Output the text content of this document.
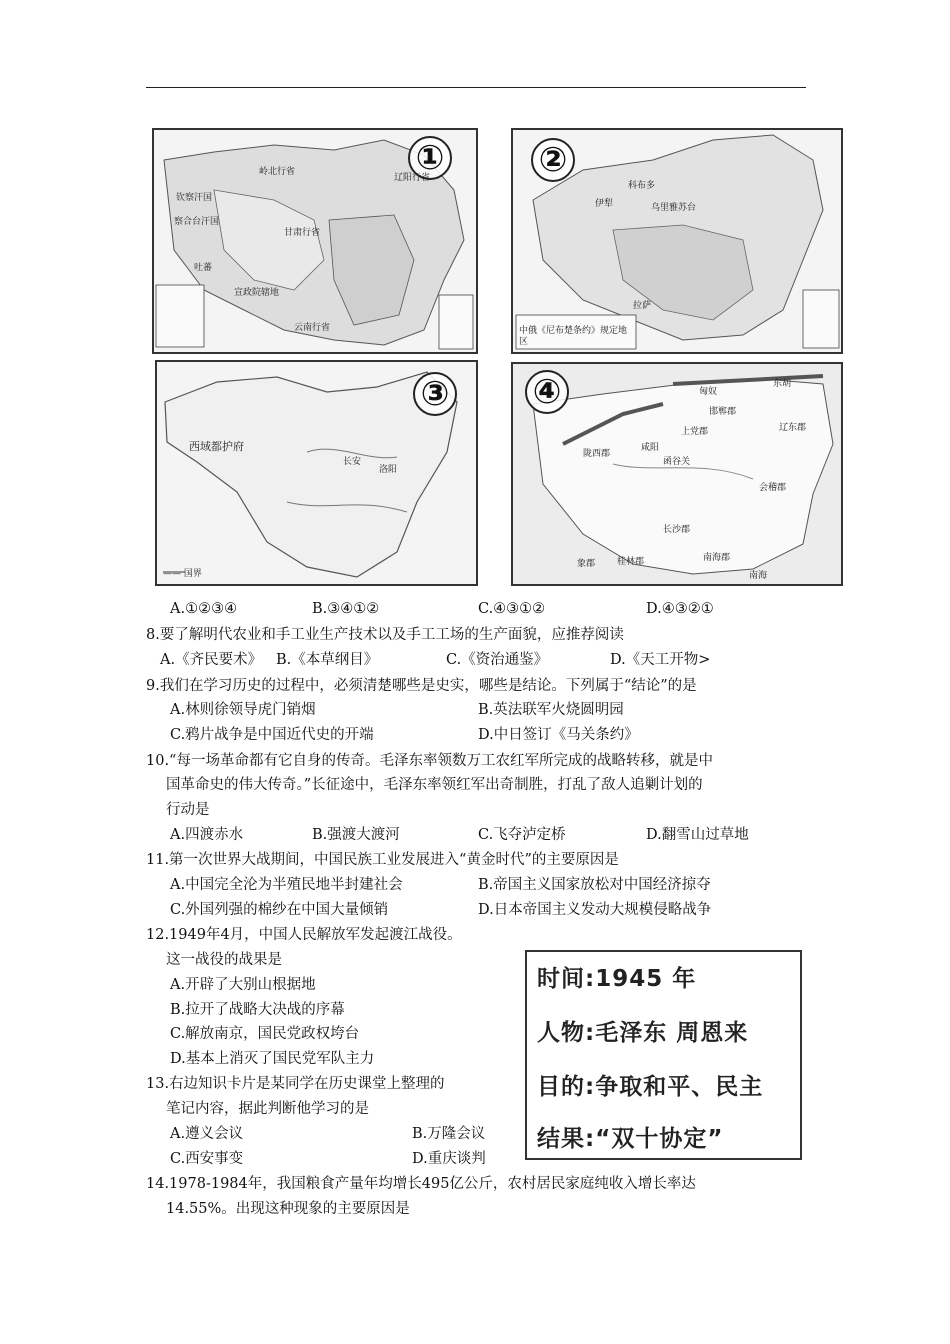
①
岭北行省
钦察汗国
辽阳行省
甘肃行省
察合台汗国
吐蕃
宣政院辖地
云南行省
②
伊犁	乌里雅苏台
科布多
拉萨
中俄《尼布楚条约》规定地区
③
西域都护府
长安
洛阳
—— 国界
④	匈奴
东胡
陇西郡
咸阳
邯郸郡
上党郡
函谷关
长沙郡
会稽郡
南海郡
象郡 桂林郡
南海
辽东郡
A.①②③④	B.③④①②	C.④③①②	D.④③②①
8.要了解明代农业和手工业生产技术以及手工工场的生产面貌，应推荐阅读
A.《齐民要术》 B.《本草纲目》	C.《资治通鉴》	D.《天工开物>
9.我们在学习历史的过程中，必须清楚哪些是史实，哪些是结论。下列属于“结论”的是
A.林则徐领导虎门销烟	B.英法联军火烧圆明园
C.鸦片战争是中国近代史的开端	D.中日签订《马关条约》
10.“每一场革命都有它自身的传奇。毛泽东率领数万工农红军所完成的战略转移，就是中
国革命史的伟大传奇。”长征途中，毛泽东率领红军出奇制胜，打乱了敌人追剿计划的
行动是
A.四渡赤水	B.强渡大渡河	C.飞夺泸定桥	D.翻雪山过草地
11.第一次世界大战期间，中国民族工业发展进入“黄金时代”的主要原因是
A.中国完全沦为半殖民地半封建社会	B.帝国主义国家放松对中国经济掠夺
C.外国列强的棉纱在中国大量倾销	D.日本帝国主义发动大规模侵略战争
12.1949年4月，中国人民解放军发起渡江战役。
这一战役的战果是
A.开辟了大别山根据地
B.拉开了战略大决战的序幕
C.解放南京，国民党政权垮台
D.基本上消灭了国民党军队主力
13.右边知识卡片是某同学在历史课堂上整理的
笔记内容，据此判断他学习的是
A.遵义会议	B.万隆会议
C.西安事变	D.重庆谈判
时间:1945 年
人物:毛泽东 周恩来
目的:争取和平、民主
结果:“双十协定”
14.1978-1984年，我国粮食产量年均增长495亿公斤，农村居民家庭纯收入增长率达
14.55%。出现这种现象的主要原因是
